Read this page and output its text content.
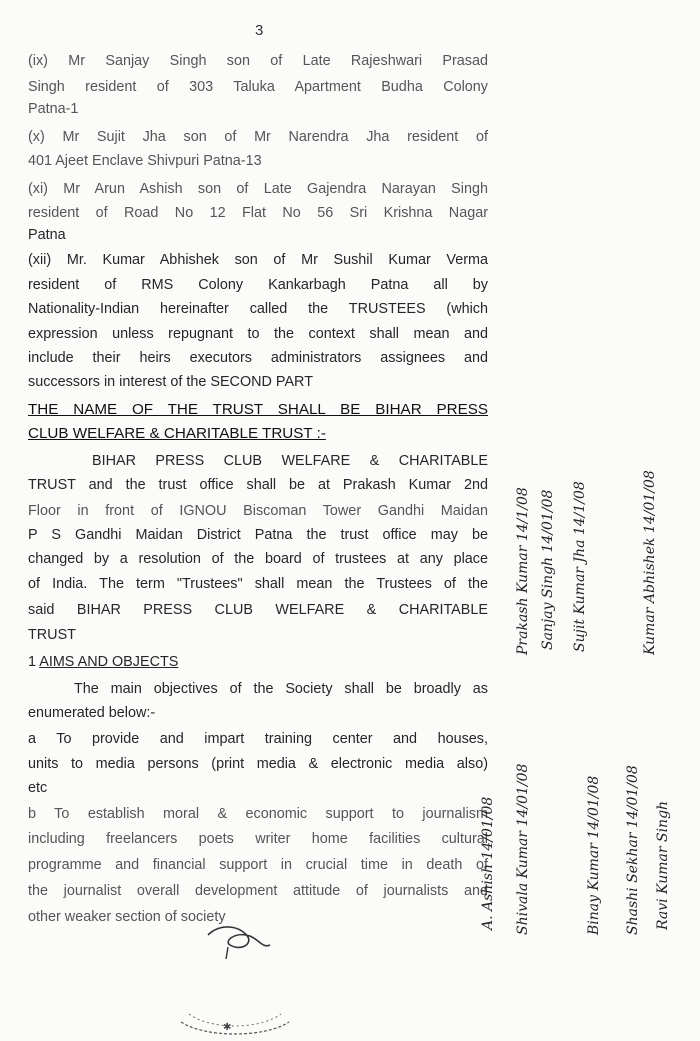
3
(ix) Mr Sanjay Singh son of Late Rajeshwari Prasad
Singh resident of 303 Taluka Apartment Budha Colony
Patna-1
(x) Mr Sujit Jha son of Mr Narendra Jha resident of
401 Ajeet Enclave Shivpuri Patna-13
(xi) Mr Arun Ashish son of Late Gajendra Narayan Singh
resident of Road No 12 Flat No 56 Sri Krishna Nagar
Patna
(xii) Mr. Kumar Abhishek son of Mr Sushil Kumar Verma
resident of RMS Colony Kankarbagh Patna all by
Nationality-Indian hereinafter called the TRUSTEES (which
expression unless repugnant to the context shall mean and
include their heirs executors administrators assignees and
successors in interest of the SECOND PART
THE NAME OF THE TRUST SHALL BE BIHAR PRESS
CLUB WELFARE & CHARITABLE TRUST :-
BIHAR PRESS CLUB WELFARE & CHARITABLE
TRUST and the trust office shall be at Prakash Kumar 2nd
Floor in front of IGNOU Biscoman Tower Gandhi Maidan
P S Gandhi Maidan District Patna the trust office may be
changed by a resolution of the board of trustees at any place
of India. The term "Trustees" shall mean the Trustees of the
said BIHAR PRESS CLUB WELFARE & CHARITABLE
TRUST
1 AIMS AND OBJECTS
The main objectives of the Society shall be broadly as
enumerated below:-
a To provide and impart training center and houses,
units to media persons (print media & electronic media also)
etc
b To establish moral & economic support to journalism
including freelancers poets writer home facilities cultural
programme and financial support in crucial time in death of
the journalist overall development attitude of journalists and
other weaker section of society
Prakash Kumar 14/1/08 Sanjay Singh 14/01/08 Sujit Kumar Jha 14/1/08	Kumar Abhishek 14/01/08
A. Ashish 14/01/08 Shivala Kumar 14/01/08	Binay Kumar 14/01/08 Shashi Sekhar 14/01/08 Ravi Kumar Singh
✱
